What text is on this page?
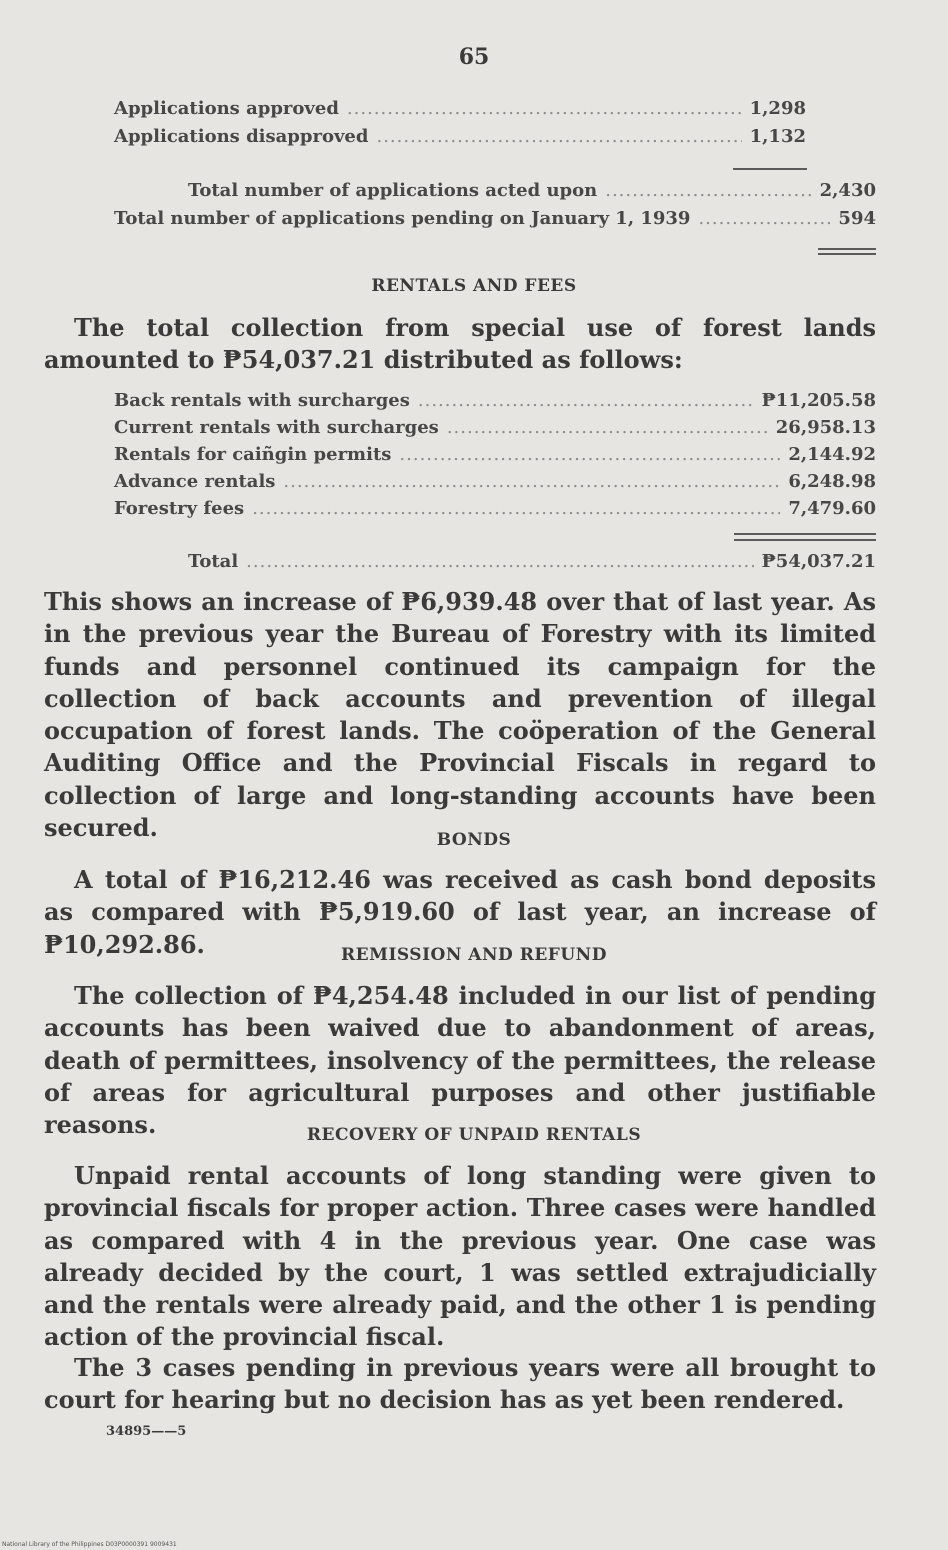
65
Applications approved .....	1,298
Applications disapproved .....	1,132
Total number of applications acted upon .....	2,430
Total number of applications pending on January 1, 1939 .....	594
RENTALS AND FEES

The total collection from special use of forest lands amounted to ₱54,037.21 distributed as follows:

Back rentals with surcharges .....	₱11,205.58
Current rentals with surcharges .....	26,958.13
Rentals for caiñgin permits .....	2,144.92
Advance rentals .....	6,248.98
Forestry fees .....	7,479.60
Total .....	₱54,037.21

This shows an increase of ₱6,939.48 over that of last year. As in the previous year the Bureau of Forestry with its limited funds and personnel continued its campaign for the collection of back accounts and prevention of illegal occupation of forest lands. The coöperation of the General Auditing Office and the Provincial Fiscals in regard to collection of large and long-standing accounts have been secured.	BONDS

A total of ₱16,212.46 was received as cash bond deposits as compared with ₱5,919.60 of last year, an increase of ₱10,292.86.	REMISSION AND REFUND

The collection of ₱4,254.48 included in our list of pending accounts has been waived due to abandonment of areas, death of permittees, insolvency of the permittees, the release of areas for agricultural purposes and other justifiable reasons.	RECOVERY OF UNPAID RENTALS

Unpaid rental accounts of long standing were given to provincial fiscals for proper action. Three cases were handled as compared with 4 in the previous year. One case was already decided by the court, 1 was settled extrajudicially and the rentals were already paid, and the other 1 is pending action of the provincial fiscal.

The 3 cases pending in previous years were all brought to court for hearing but no decision has as yet been rendered.

34895——5
National Library of the Philippines D03P0000391 9009431
